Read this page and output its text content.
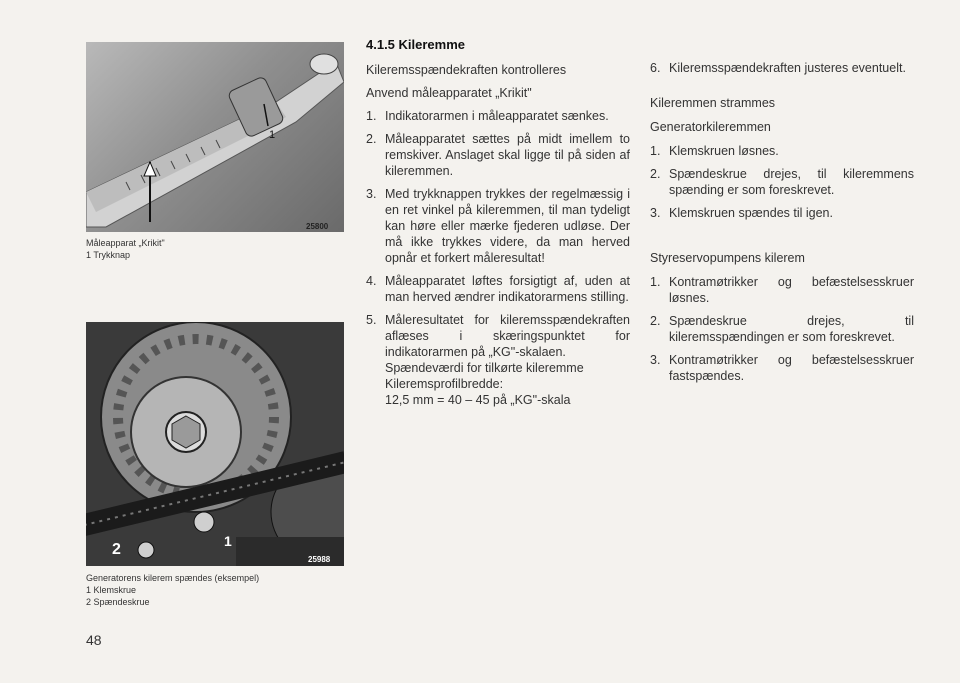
1
25800
Måleapparat „Krikit"
1 Trykknap
1
2
25988
Generatorens kilerem spændes (eksempel)
1 Klemskrue
2 Spændeskrue
4.1.5 Kileremme
Kileremsspændekraften kontrolleres
Anvend måleapparatet „Krikit"
1. Indikatorarmen i måleapparatet sænkes.
2. Måleapparatet sættes på midt imellem to remskiver. Anslaget skal ligge til på siden af kileremmen.
3. Med trykknappen trykkes der regelmæssig i en ret vinkel på kileremmen, til man tydeligt kan høre eller mærke fjederen udløse. Der må ikke trykkes videre, da man herved opnår et forkert måleresultat!
4. Måleapparatet løftes forsigtigt af, uden at man herved ændrer indikatorarmens stilling.
5. Måleresultatet for kileremsspændekraften aflæses i skæringspunktet for indikatorarmen på „KG"-skalaen.
Spændeværdi for tilkørte kileremme
Kileremsprofilbredde:
12,5 mm = 40 – 45 på „KG"-skala
6. Kileremsspændekraften justeres eventuelt.
Kileremmen strammes
Generatorkileremmen
1. Klemskruen løsnes.
2. Spændeskrue drejes, til kileremmens spænding er som foreskrevet.
3. Klemskruen spændes til igen.
Styreservopumpens kilerem
1. Kontramøtrikker og befæstelsesskruer løsnes.
2. Spændeskrue drejes, til kileremsspændingen er som foreskrevet.
3. Kontramøtrikker og befæstelsesskruer fastspændes.
48
